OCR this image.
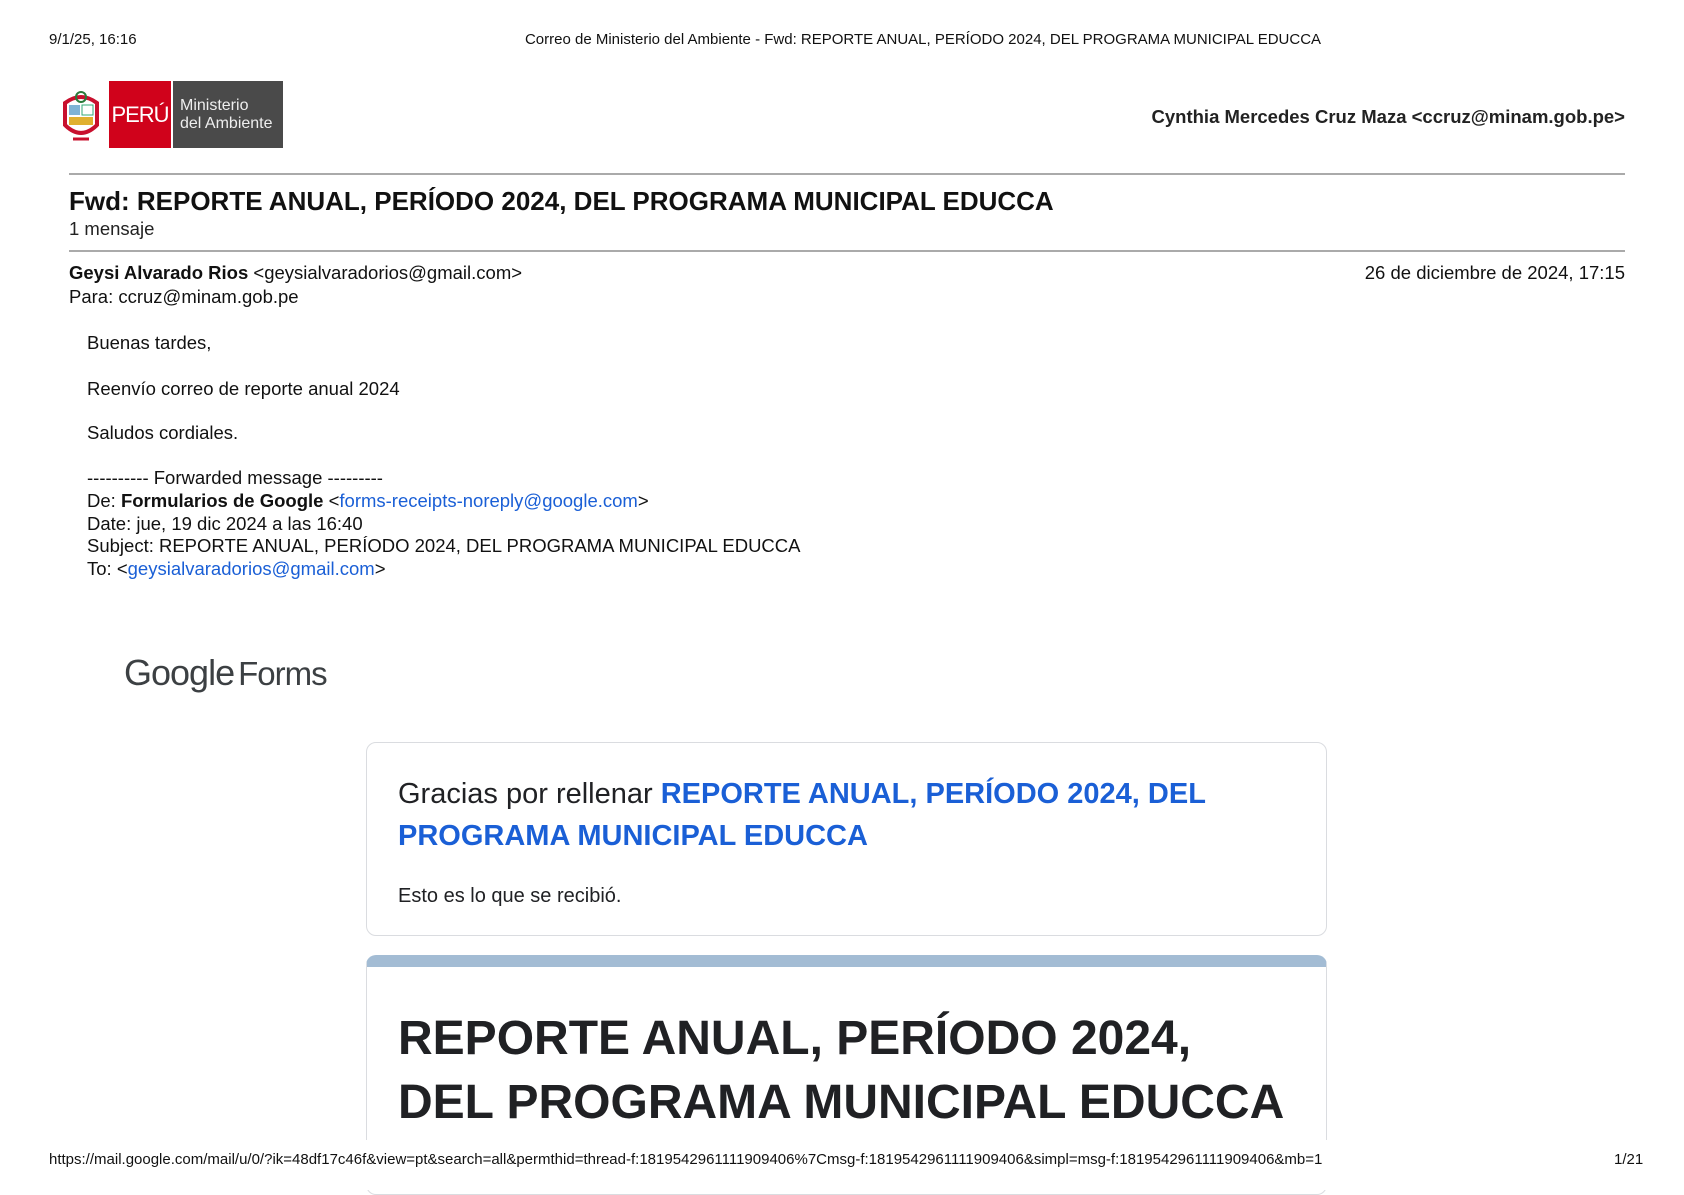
9/1/25, 16:16	Correo de Ministerio del Ambiente - Fwd: REPORTE ANUAL, PERÍODO 2024, DEL PROGRAMA MUNICIPAL EDUCCA
PERÚ Ministerio
del Ambiente	Cynthia Mercedes Cruz Maza <ccruz@minam.gob.pe>
Fwd: REPORTE ANUAL, PERÍODO 2024, DEL PROGRAMA MUNICIPAL EDUCCA
1 mensaje
Geysi Alvarado Rios <geysialvaradorios@gmail.com>
Para: ccruz@minam.gob.pe
26 de diciembre de 2024, 17:15
Buenas tardes,
Reenvío correo de reporte anual 2024
Saludos cordiales.
---------- Forwarded message ---------
De: Formularios de Google <forms-receipts-noreply@google.com>
Date: jue, 19 dic 2024 a las 16:40
Subject: REPORTE ANUAL, PERÍODO 2024, DEL PROGRAMA MUNICIPAL EDUCCA
To: <geysialvaradorios@gmail.com>
Google Forms
Gracias por rellenar REPORTE ANUAL, PERÍODO 2024, DEL PROGRAMA MUNICIPAL EDUCCA
Esto es lo que se recibió.
REPORTE ANUAL, PERÍODO 2024, DEL PROGRAMA MUNICIPAL EDUCCA
https://mail.google.com/mail/u/0/?ik=48df17c46f&view=pt&search=all&permthid=thread-f:1819542961111909406%7Cmsg-f:1819542961111909406&simpl=msg-f:1819542961111909406&mb=1	1/21
